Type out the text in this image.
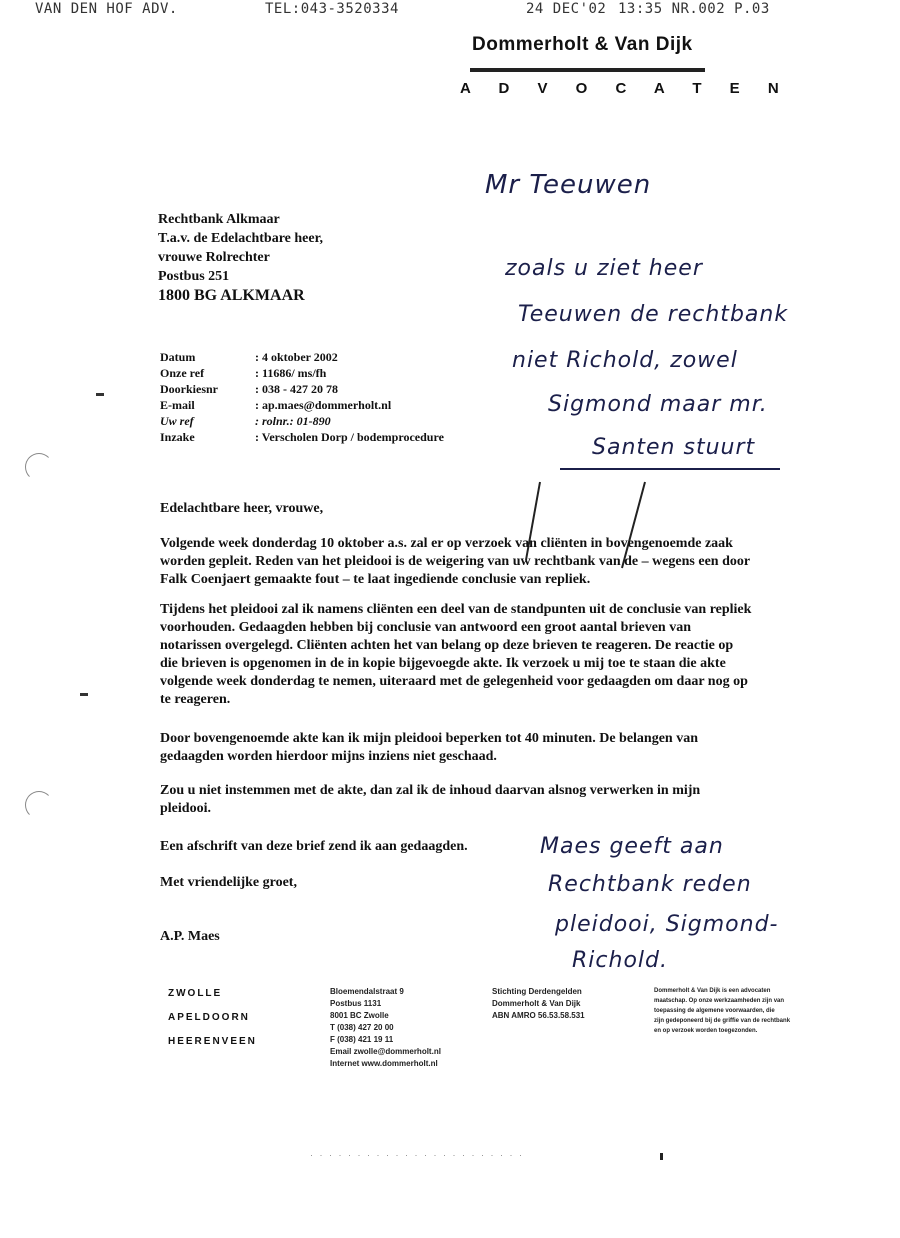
VAN DEN HOF ADV.	TEL:043-3520334	24 DEC'02 13:35 NR.002 P.03
Dommerholt & Van Dijk
A D V O C A T E N
Rechtbank Alkmaar
T.a.v. de Edelachtbare heer,
vrouwe Rolrechter
Postbus 251
1800 BG ALKMAAR
Datum	: 4 oktober 2002
Onze ref	: 11686/ ms/fh
Doorkiesnr	: 038 - 427 20 78
E-mail	: ap.maes@dommerholt.nl
Uw ref	: rolnr.: 01-890
Inzake	: Verscholen Dorp / bodemprocedure
Mr Teeuwen
zoals u ziet heer
Teeuwen de rechtbank
niet Richold, zowel
Sigmond maar mr.
Santen stuurt
Edelachtbare heer, vrouwe,
Volgende week donderdag 10 oktober a.s. zal er op verzoek van cliënten in bovengenoemde zaak worden gepleit. Reden van het pleidooi is de weigering van uw rechtbank van de – wegens een door Falk Coenjaert gemaakte fout – te laat ingediende conclusie van repliek.
Tijdens het pleidooi zal ik namens cliënten een deel van de standpunten uit de conclusie van repliek voorhouden. Gedaagden hebben bij conclusie van antwoord een groot aantal brieven van notarissen overgelegd. Cliënten achten het van belang op deze brieven te reageren. De reactie op die brieven is opgenomen in de in kopie bijgevoegde akte. Ik verzoek u mij toe te staan die akte volgende week donderdag te nemen, uiteraard met de gelegenheid voor gedaagden om daar nog op te reageren.
Door bovengenoemde akte kan ik mijn pleidooi beperken tot 40 minuten. De belangen van gedaagden worden hierdoor mijns inziens niet geschaad.
Zou u niet instemmen met de akte, dan zal ik de inhoud daarvan alsnog verwerken in mijn pleidooi.
Een afschrift van deze brief zend ik aan gedaagden.
Met vriendelijke groet,
A.P. Maes
Maes geeft aan
Rechtbank reden
pleidooi, Sigmond-
Richold.
ZWOLLE
APELDOORN
HEERENVEEN
Bloemendalstraat 9
Postbus 1131
8001 BC Zwolle
T (038) 427 20 00
F (038) 421 19 11
Email zwolle@dommerholt.nl
Internet www.dommerholt.nl
Stichting Derdengelden
Dommerholt & Van Dijk
ABN AMRO 56.53.58.531
Dommerholt & Van Dijk is een advocaten
maatschap. Op onze werkzaamheden zijn van
toepassing de algemene voorwaarden, die
zijn gedeponeerd bij de griffie van de rechtbank
en op verzoek worden toegezonden.
· · · · · · · · · · · · · · · · · · · · · · ·
